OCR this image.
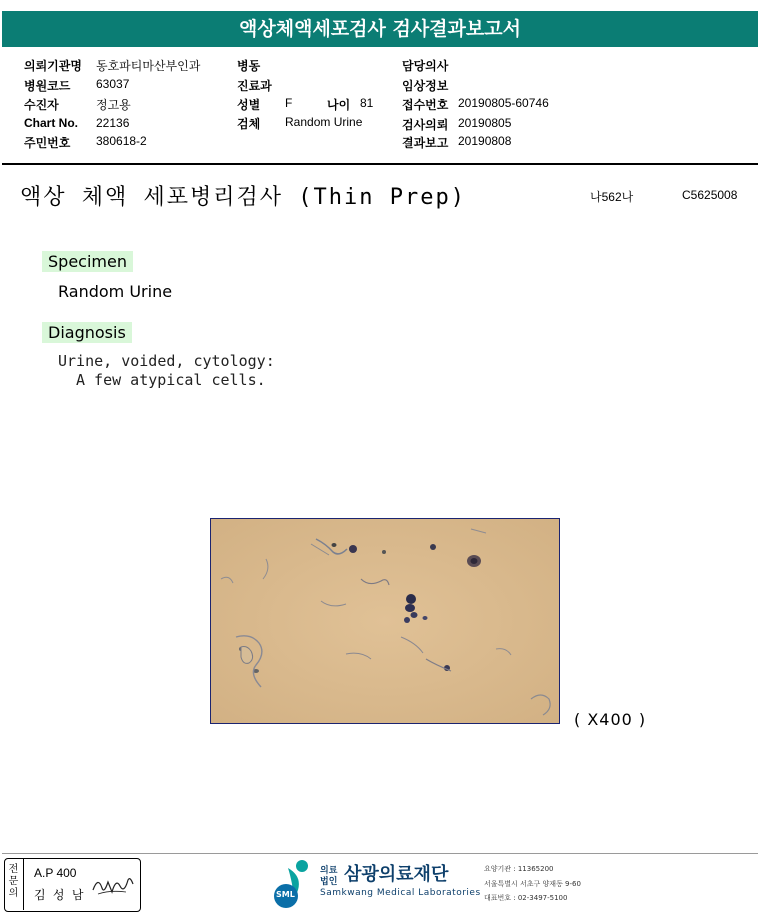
액상체액세포검사 검사결과보고서
의뢰기관명 동호파티마산부인과
병원코드 63037
수진자	정고용
Chart No. 22136
주민번호 380618-2
병동
진료과
성별 F	나이 81
검체 Random Urine
담당의사
임상정보
접수번호 20190805-60746
검사의뢰 20190805
결과보고 20190808
액상 체액 세포병리검사 (Thin Prep)	나562나	C5625008
Specimen
Random Urine
Diagnosis
Urine, voided, cytology:
A few atypical cells.
( X400 )
전문의
A.P 400
김 성 남	SML
의료
법인 삼광의료재단
Samkwang Medical Laboratories
요양기관 : 11365200
서울특별시 서초구 양재동 9-60
대표번호 : 02-3497-5100
